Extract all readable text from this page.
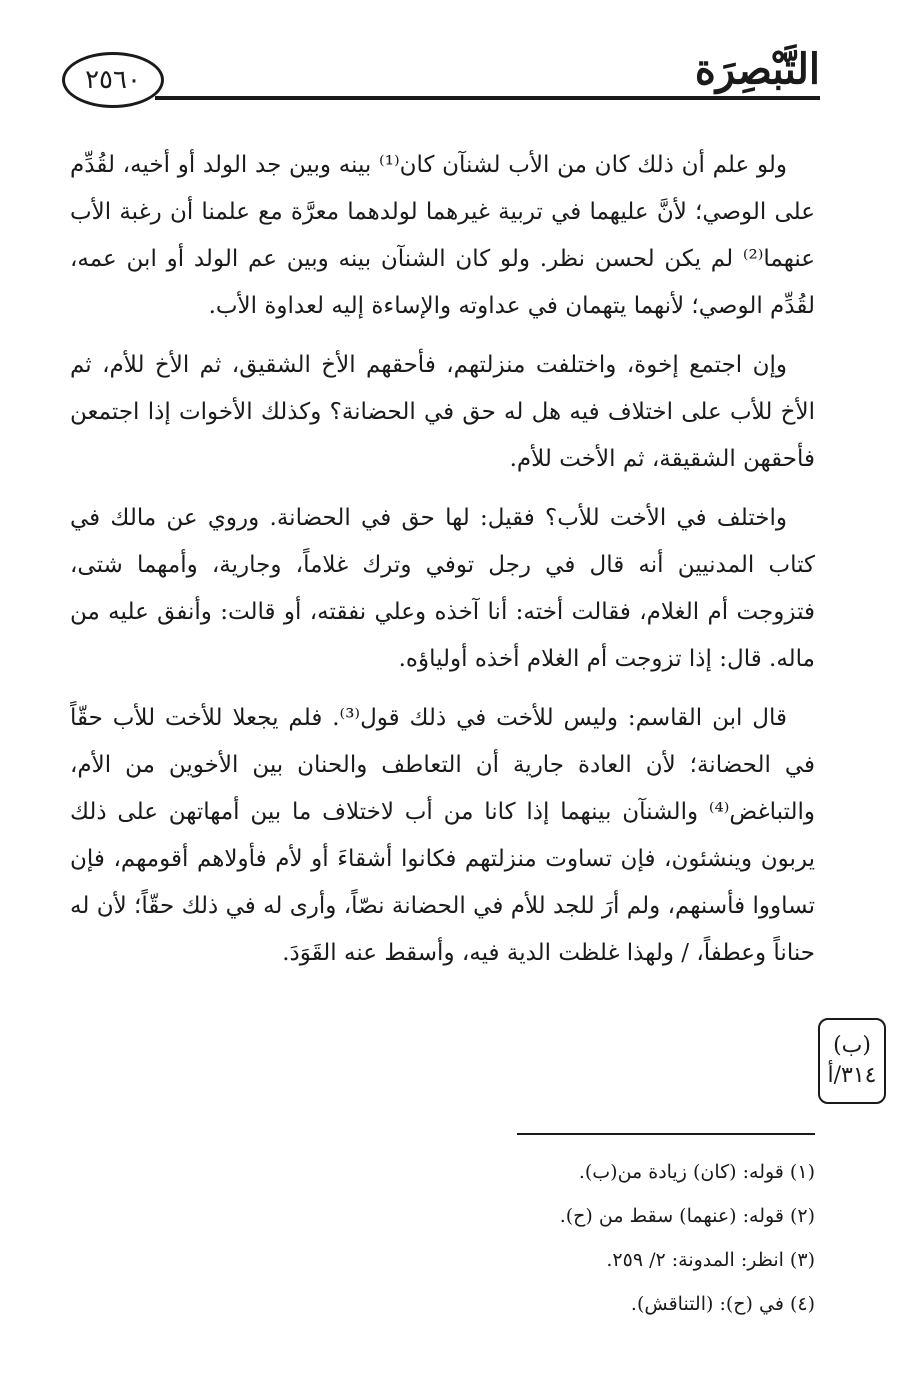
٢٥٦٠	التَّبْصِرَة

ولو علم أن ذلك كان من الأب لشنآن كان⁽¹⁾ بينه وبين جد الولد أو أخيه، لقُدِّم على الوصي؛ لأنَّ عليهما في تربية غيرهما لولدهما معرَّة مع علمنا أن رغبة الأب عنهما⁽²⁾ لم يكن لحسن نظر. ولو كان الشنآن بينه وبين عم الولد أو ابن عمه، لقُدِّم الوصي؛ لأنهما يتهمان في عداوته والإساءة إليه لعداوة الأب.

وإن اجتمع إخوة، واختلفت منزلتهم، فأحقهم الأخ الشقيق، ثم الأخ للأم، ثم الأخ للأب على اختلاف فيه هل له حق في الحضانة؟ وكذلك الأخوات إذا اجتمعن فأحقهن الشقيقة، ثم الأخت للأم.

واختلف في الأخت للأب؟ فقيل: لها حق في الحضانة. وروي عن مالك في كتاب المدنيين أنه قال في رجل توفي وترك غلاماً، وجارية، وأمهما شتى، فتزوجت أم الغلام، فقالت أخته: أنا آخذه وعلي نفقته، أو قالت: وأنفق عليه من ماله. قال: إذا تزوجت أم الغلام أخذه أولياؤه.

قال ابن القاسم: وليس للأخت في ذلك قول⁽³⁾. فلم يجعلا للأخت للأب حقّاً في الحضانة؛ لأن العادة جارية أن التعاطف والحنان بين الأخوين من الأم، والتباغض⁽⁴⁾ والشنآن بينهما إذا كانا من أب لاختلاف ما بين أمهاتهن على ذلك يربون وينشئون، فإن تساوت منزلتهم فكانوا أشقاءَ أو لأم فأولاهم أقومهم، فإن تساووا فأسنهم، ولم أرَ للجد للأم في الحضانة نصّاً، وأرى له في ذلك حقّاً؛ لأن له حناناً وعطفاً، / ولهذا غلظت الدية فيه، وأسقط عنه القَوَدَ.

(ب)
٣١٤/أ

(١) قوله: (كان) زيادة من(ب).

(٢) قوله: (عنهما) سقط من (ح).

(٣) انظر: المدونة: ٢/ ٢٥٩.

(٤) في (ح): (التناقش).
